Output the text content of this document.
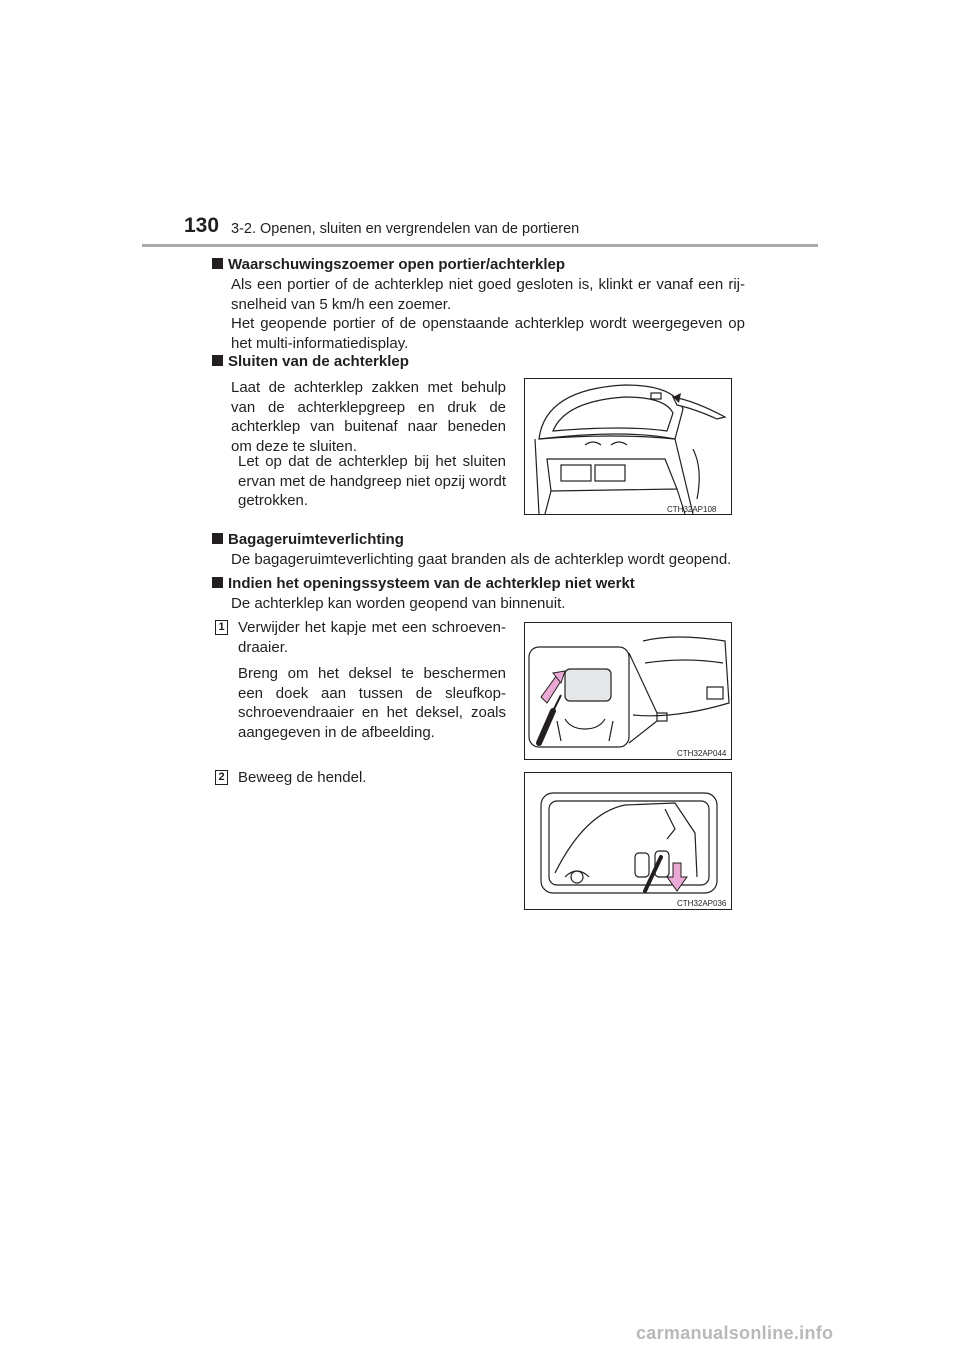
130 3-2. Openen, sluiten en vergrendelen van de portieren
Waarschuwingszoemer open portier/achterklep
Als een portier of de achterklep niet goed gesloten is, klinkt er vanaf een rij-snelheid van 5 km/h een zoemer.
Het geopende portier of de openstaande achterklep wordt weergegeven op het multi-informatiedisplay.
Sluiten van de achterklep
Laat de achterklep zakken met behulp van de achterklepgreep en druk de achterklep van buitenaf naar beneden om deze te sluiten.
Let op dat de achterklep bij het sluiten ervan met de handgreep niet opzij wordt getrokken.
CTH32AP108
Bagageruimteverlichting
De bagageruimteverlichting gaat branden als de achterklep wordt geopend.
Indien het openingssysteem van de achterklep niet werkt
De achterklep kan worden geopend van binnenuit.
1 Verwijder het kapje met een schroeven-draaier.
Breng om het deksel te beschermen een doek aan tussen de sleufkop-schroevendraaier en het deksel, zoals aangegeven in de afbeelding.
CTH32AP044
2 Beweeg de hendel.
CTH32AP036
carmanualsonline.info
